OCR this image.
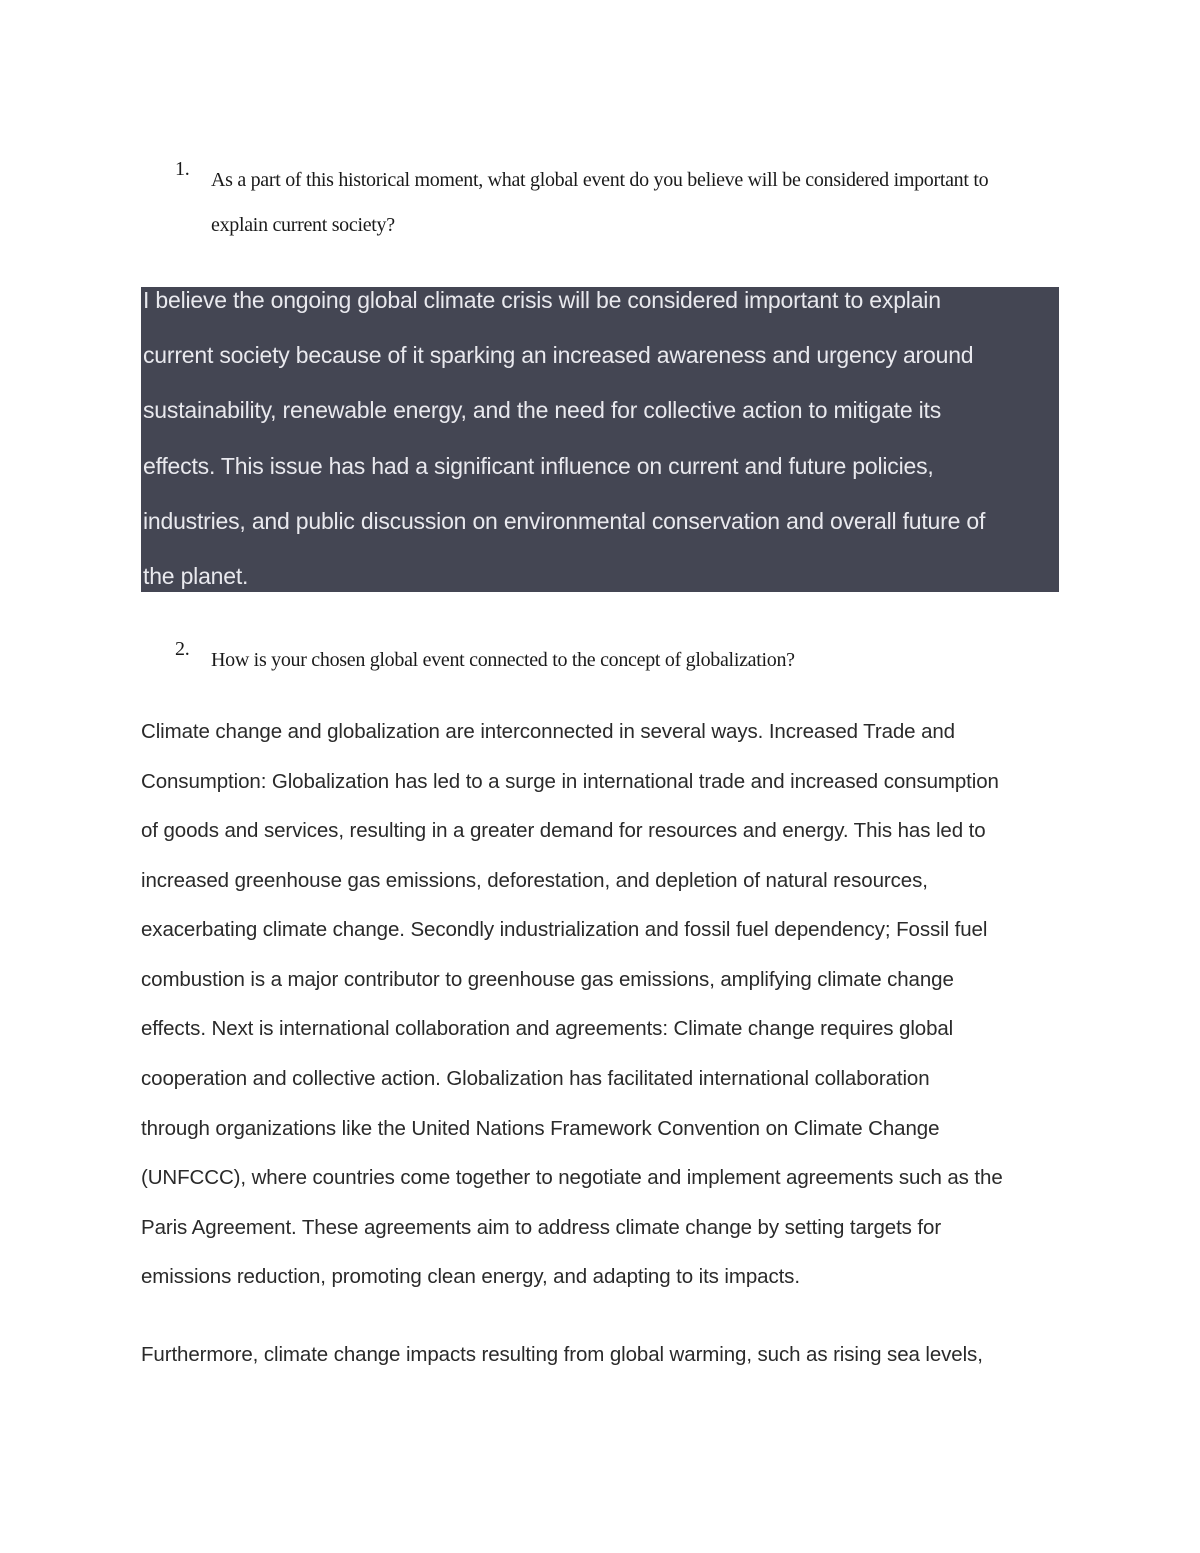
1. As a part of this historical moment, what global event do you believe will be considered important to
explain current society?
I believe the ongoing global climate crisis will be considered important to explain
current society because of it sparking an increased awareness and urgency around
sustainability, renewable energy, and the need for collective action to mitigate its
effects. This issue has had a significant influence on current and future policies,
industries, and public discussion on environmental conservation and overall future of
the planet.
2. How is your chosen global event connected to the concept of globalization?
Climate change and globalization are interconnected in several ways. Increased Trade and
Consumption: Globalization has led to a surge in international trade and increased consumption
of goods and services, resulting in a greater demand for resources and energy. This has led to
increased greenhouse gas emissions, deforestation, and depletion of natural resources,
exacerbating climate change. Secondly industrialization and fossil fuel dependency; Fossil fuel
combustion is a major contributor to greenhouse gas emissions, amplifying climate change
effects. Next is international collaboration and agreements: Climate change requires global
cooperation and collective action. Globalization has facilitated international collaboration
through organizations like the United Nations Framework Convention on Climate Change
(UNFCCC), where countries come together to negotiate and implement agreements such as the
Paris Agreement. These agreements aim to address climate change by setting targets for
emissions reduction, promoting clean energy, and adapting to its impacts.
Furthermore, climate change impacts resulting from global warming, such as rising sea levels,
